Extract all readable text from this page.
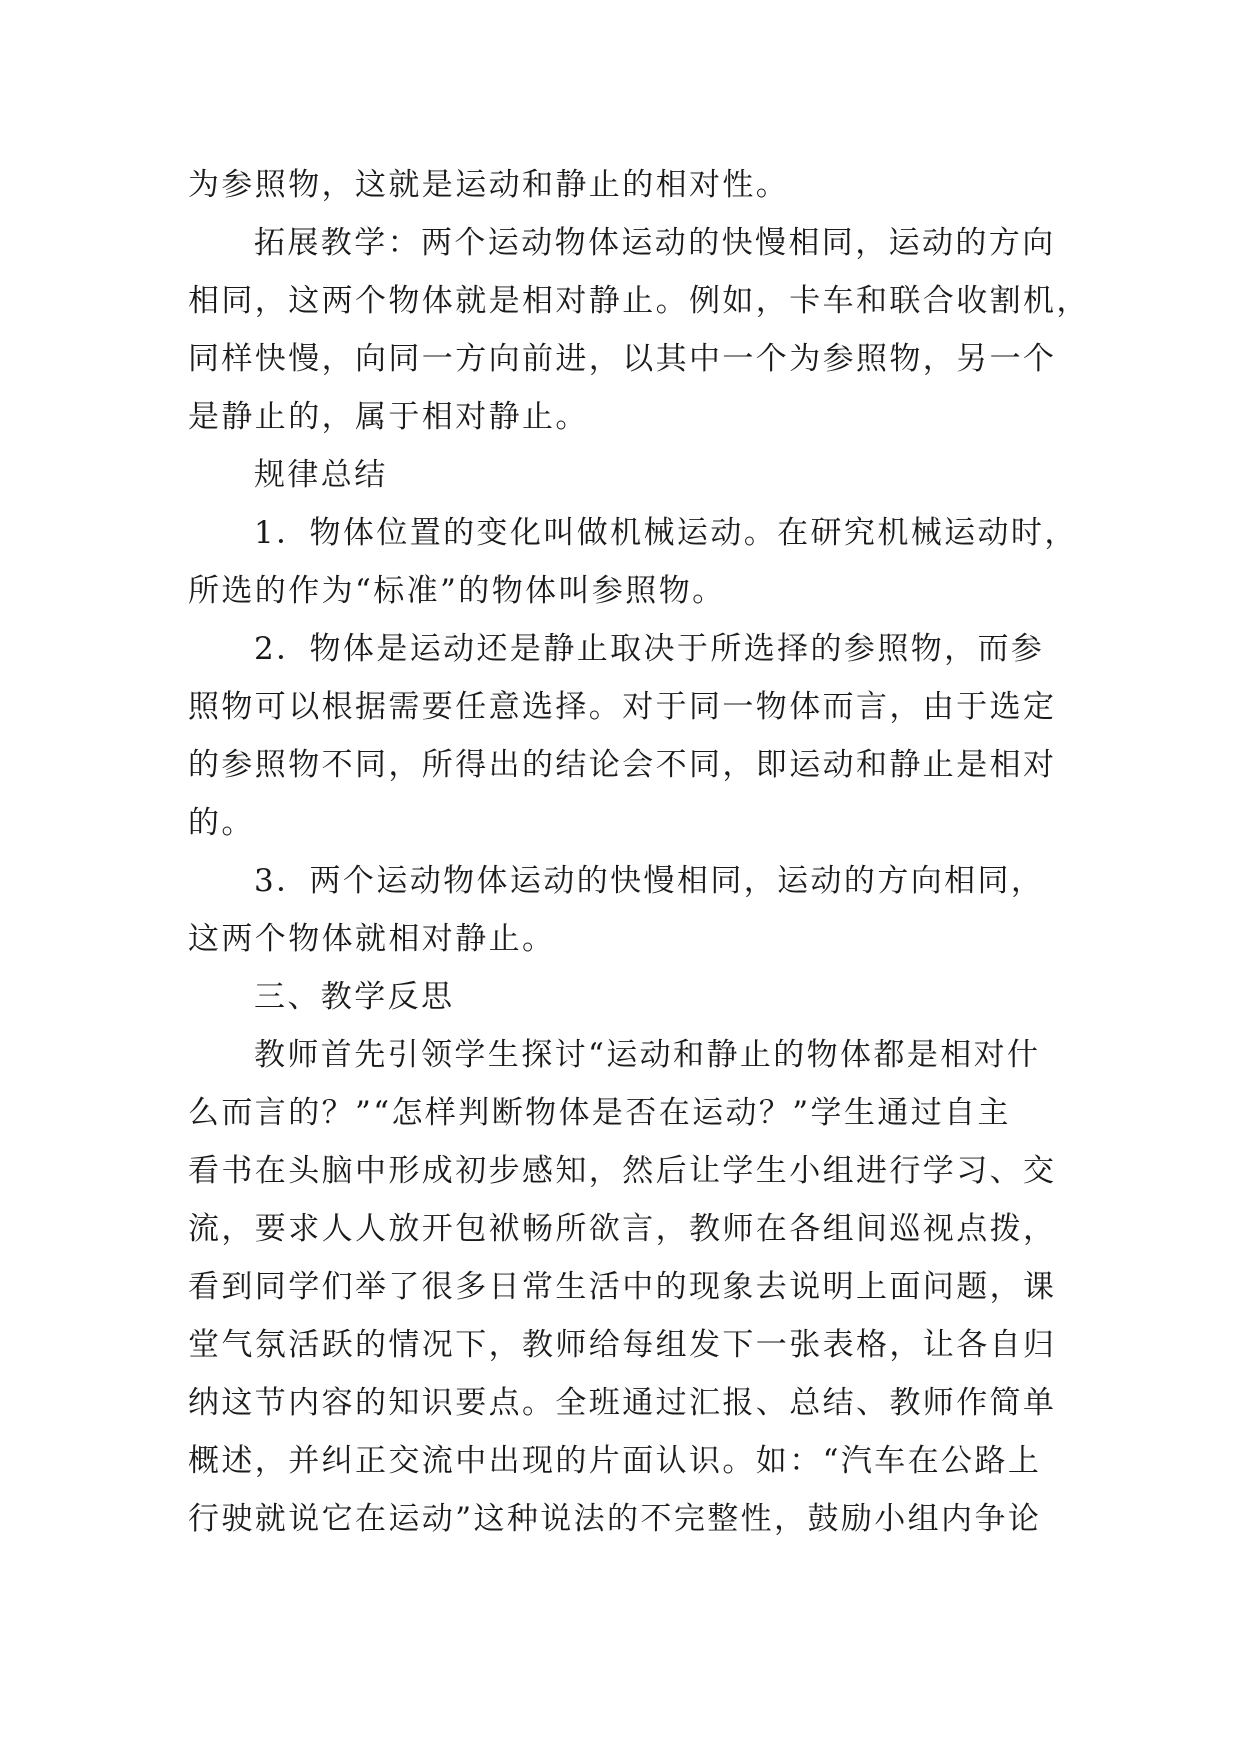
为参照物，这就是运动和静止的相对性。
拓展教学：两个运动物体运动的快慢相同，运动的方向
相同，这两个物体就是相对静止。例如，卡车和联合收割机，
同样快慢，向同一方向前进，以其中一个为参照物，另一个
是静止的，属于相对静止。
规律总结
1．物体位置的变化叫做机械运动。在研究机械运动时，
所选的作为“标准”的物体叫参照物。
2．物体是运动还是静止取决于所选择的参照物，而参
照物可以根据需要任意选择。对于同一物体而言，由于选定
的参照物不同，所得出的结论会不同，即运动和静止是相对
的。
3．两个运动物体运动的快慢相同，运动的方向相同，
这两个物体就相对静止。
三、教学反思
教师首先引领学生探讨“运动和静止的物体都是相对什
么而言的？”“怎样判断物体是否在运动？”学生通过自主
看书在头脑中形成初步感知，然后让学生小组进行学习、交
流，要求人人放开包袱畅所欲言，教师在各组间巡视点拨，
看到同学们举了很多日常生活中的现象去说明上面问题，课
堂气氛活跃的情况下，教师给每组发下一张表格，让各自归
纳这节内容的知识要点。全班通过汇报、总结、教师作简单
概述，并纠正交流中出现的片面认识。如：“汽车在公路上
行驶就说它在运动”这种说法的不完整性，鼓励小组内争论
